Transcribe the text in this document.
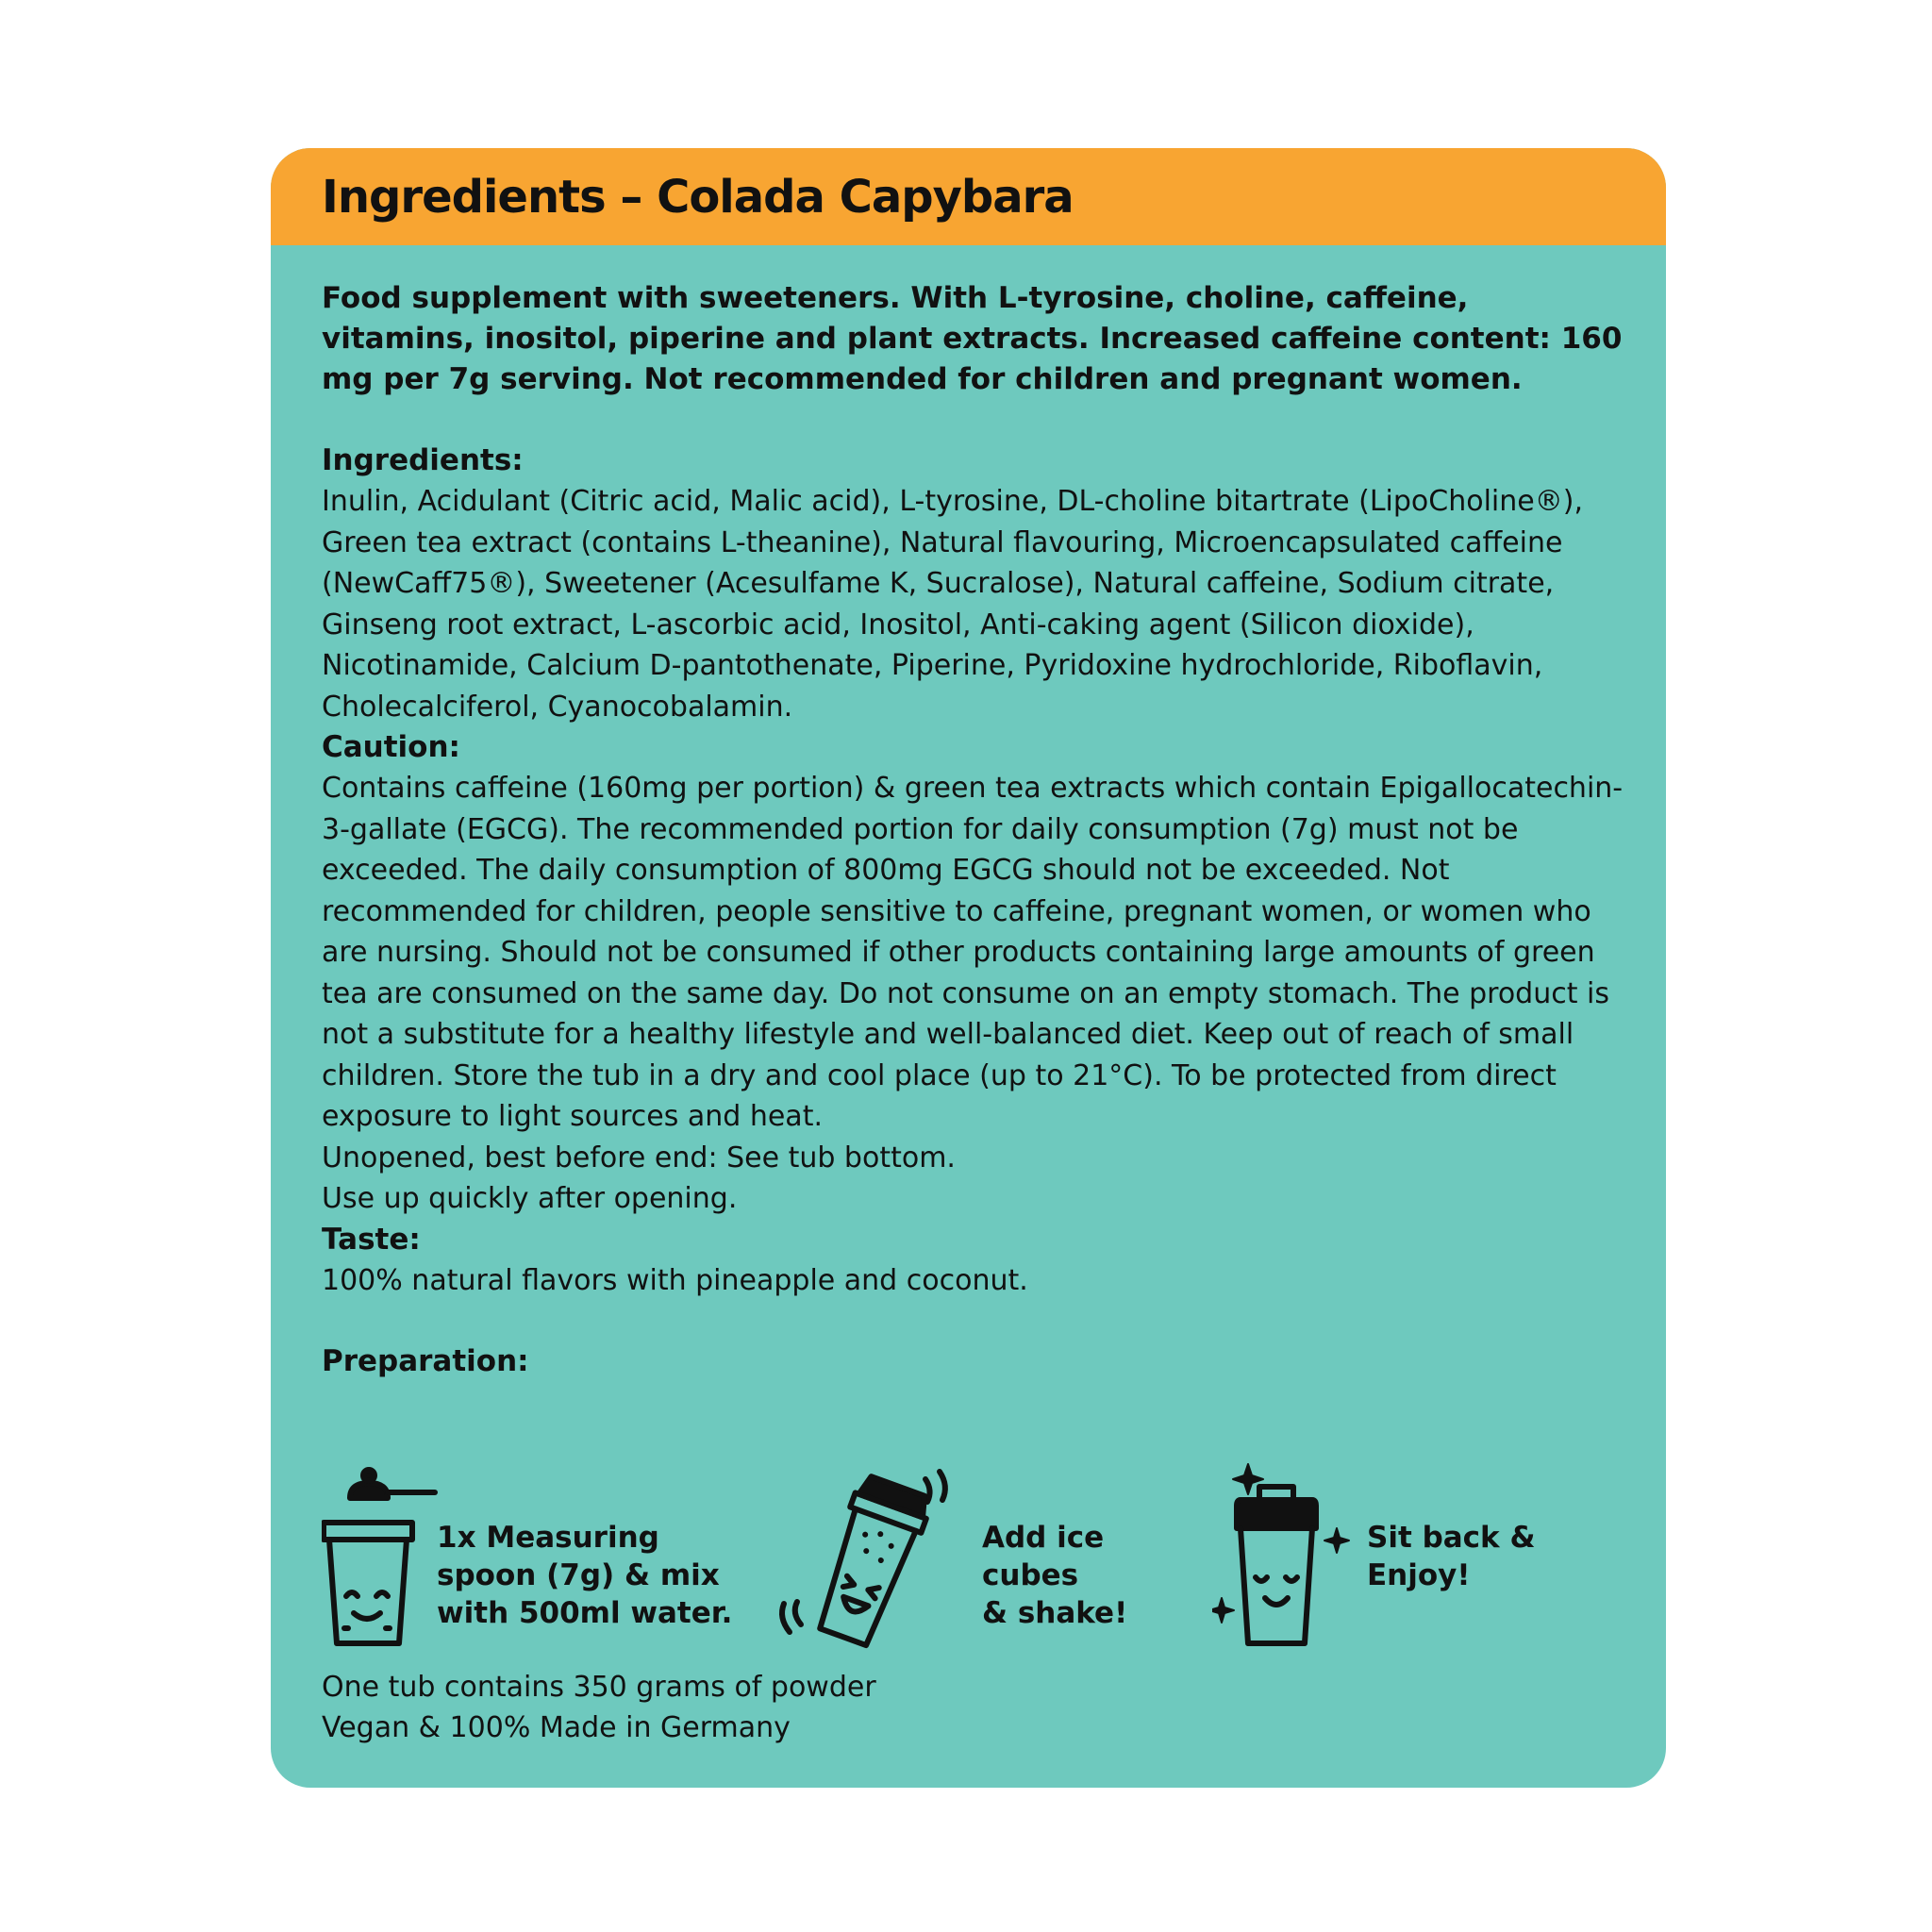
Ingredients – Colada Capybara

Food supplement with sweeteners. With L-tyrosine, choline, caffeine, vitamins, inositol, piperine and plant extracts. Increased caffeine content: 160 mg per 7g serving. Not recommended for children and pregnant women.

Ingredients:

Inulin, Acidulant (Citric acid, Malic acid), L-tyrosine, DL-choline bitartrate (LipoCholine®), Green tea extract (contains L-theanine), Natural flavouring, Microencapsulated caffeine (NewCaff75®), Sweetener (Acesulfame K, Sucralose), Natural caffeine, Sodium citrate, Ginseng root extract, L-ascorbic acid, Inositol, Anti-caking agent (Silicon dioxide), Nicotinamide, Calcium D-pantothenate, Piperine, Pyridoxine hydrochloride, Riboflavin, Cholecalciferol, Cyanocobalamin.

Caution:

Contains caffeine (160mg per portion) & green tea extracts which contain Epigallocatechin-3-gallate (EGCG). The recommended portion for daily consumption (7g) must not be exceeded. The daily consumption of 800mg EGCG should not be exceeded. Not recommended for children, people sensitive to caffeine, pregnant women, or women who are nursing. Should not be consumed if other products containing large amounts of green tea are consumed on the same day. Do not consume on an empty stomach. The product is not a substitute for a healthy lifestyle and well-balanced diet. Keep out of reach of small children. Store the tub in a dry and cool place (up to 21°C). To be protected from direct exposure to light sources and heat.

Unopened, best before end: See tub bottom.

Use up quickly after opening.

Taste:

100% natural flavors with pineapple and coconut.

Preparation:

1x Measuring
spoon (7g) & mix
with 500ml water.
Add ice cubes
& shake!
Sit back &
Enjoy!
One tub contains 350 grams of powder
Vegan & 100% Made in Germany
